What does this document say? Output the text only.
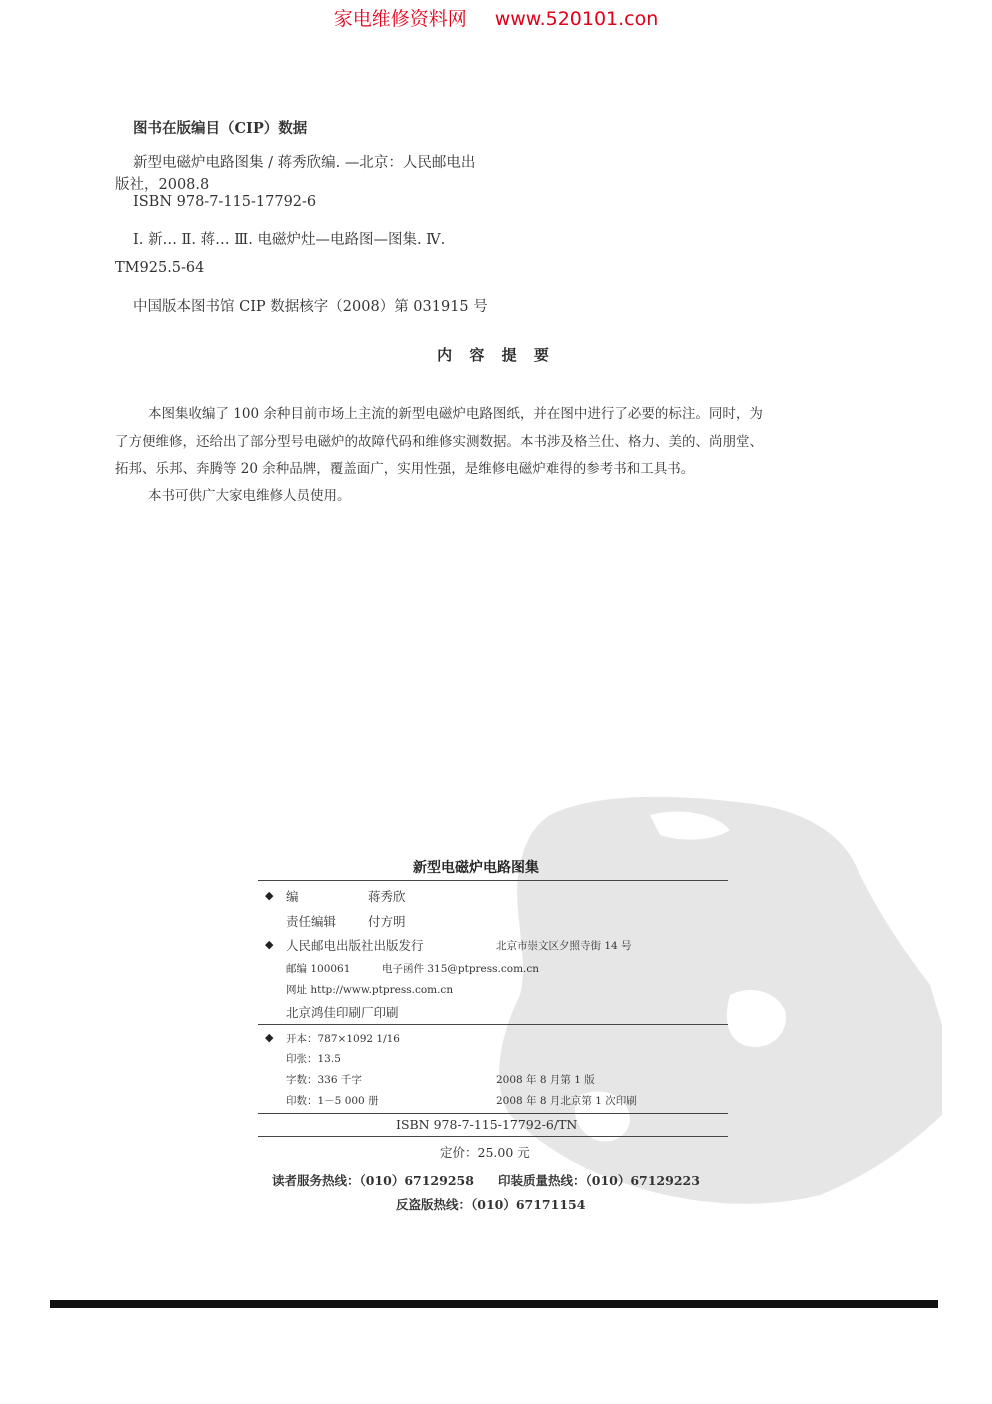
家电维修资料网 www.520101.con
图书在版编目（CIP）数据
新型电磁炉电路图集 / 蒋秀欣编. —北京：人民邮电出
版社，2008.8
ISBN 978-7-115-17792-6
Ⅰ. 新… Ⅱ. 蒋… Ⅲ. 电磁炉灶—电路图—图集. Ⅳ.
TM925.5-64
中国版本图书馆 CIP 数据核字（2008）第 031915 号
内 容 提 要
本图集收编了 100 余种目前市场上主流的新型电磁炉电路图纸，并在图中进行了必要的标注。同时，为
了方便维修，还给出了部分型号电磁炉的故障代码和维修实测数据。本书涉及格兰仕、格力、美的、尚朋堂、
拓邦、乐邦、奔腾等 20 余种品牌，覆盖面广，实用性强，是维修电磁炉难得的参考书和工具书。
本书可供广大家电维修人员使用。
新型电磁炉电路图集
◆ 编	蒋秀欣
责任编辑	付方明
◆ 人民邮电出版社出版发行	北京市崇文区夕照寺街 14 号
邮编 100061	电子函件 315@ptpress.com.cn
网址 http://www.ptpress.com.cn
北京鸿佳印刷厂印刷
◆ 开本：787×1092 1/16
印张：13.5
字数：336 千字	2008 年 8 月第 1 版
印数：1－5 000 册	2008 年 8 月北京第 1 次印刷
ISBN 978-7-115-17792-6/TN
定价：25.00 元
读者服务热线：（010）67129258 印装质量热线：（010）67129223
反盗版热线：（010）67171154
